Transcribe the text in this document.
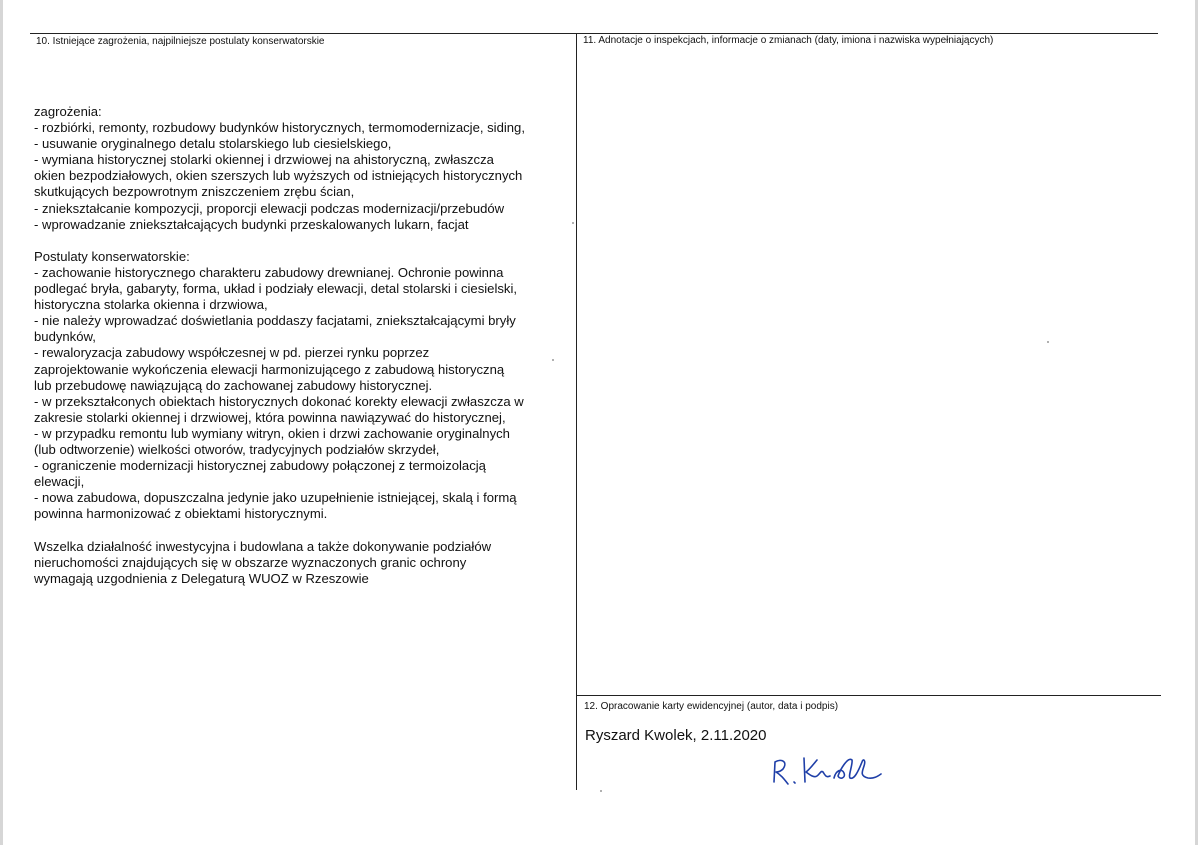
10. Istniejące zagrożenia, najpilniejsze postulaty konserwatorskie
zagrożenia:
- rozbiórki, remonty, rozbudowy budynków historycznych, termomodernizacje, siding,
- usuwanie oryginalnego detalu stolarskiego lub ciesielskiego,
- wymiana historycznej stolarki okiennej i drzwiowej na ahistoryczną, zwłaszcza
okien bezpodziałowych, okien szerszych lub wyższych od istniejących historycznych
skutkujących bezpowrotnym zniszczeniem zrębu ścian,
- zniekształcanie kompozycji, proporcji elewacji podczas modernizacji/przebudów
- wprowadzanie zniekształcających budynki przeskalowanych lukarn, facjat
Postulaty konserwatorskie:
- zachowanie historycznego charakteru zabudowy drewnianej. Ochronie powinna
podlegać bryła, gabaryty, forma, układ i podziały elewacji, detal stolarski i ciesielski,
historyczna stolarka okienna i drzwiowa,
- nie należy wprowadzać doświetlania poddaszy facjatami, zniekształcającymi bryły
budynków,
- rewaloryzacja zabudowy współczesnej w pd. pierzei rynku poprzez
zaprojektowanie wykończenia elewacji harmonizującego z zabudową historyczną
lub przebudowę nawiązującą do zachowanej zabudowy historycznej.
- w przekształconych obiektach historycznych dokonać korekty elewacji zwłaszcza w
zakresie stolarki okiennej i drzwiowej, która powinna nawiązywać do historycznej,
- w przypadku remontu lub wymiany witryn, okien i drzwi zachowanie oryginalnych
(lub odtworzenie) wielkości otworów, tradycyjnych podziałów skrzydeł,
- ograniczenie modernizacji historycznej zabudowy połączonej z termoizolacją
elewacji,
- nowa zabudowa, dopuszczalna jedynie jako uzupełnienie istniejącej, skalą i formą
powinna harmonizować z obiektami historycznymi.
Wszelka działalność inwestycyjna i budowlana a także dokonywanie podziałów
nieruchomości znajdujących się w obszarze wyznaczonych granic ochrony
wymagają uzgodnienia z Delegaturą WUOZ w Rzeszowie
11. Adnotacje o inspekcjach, informacje o zmianach (daty, imiona i nazwiska wypełniających)
12. Opracowanie karty ewidencyjnej (autor, data i podpis)
Ryszard Kwolek, 2.11.2020
